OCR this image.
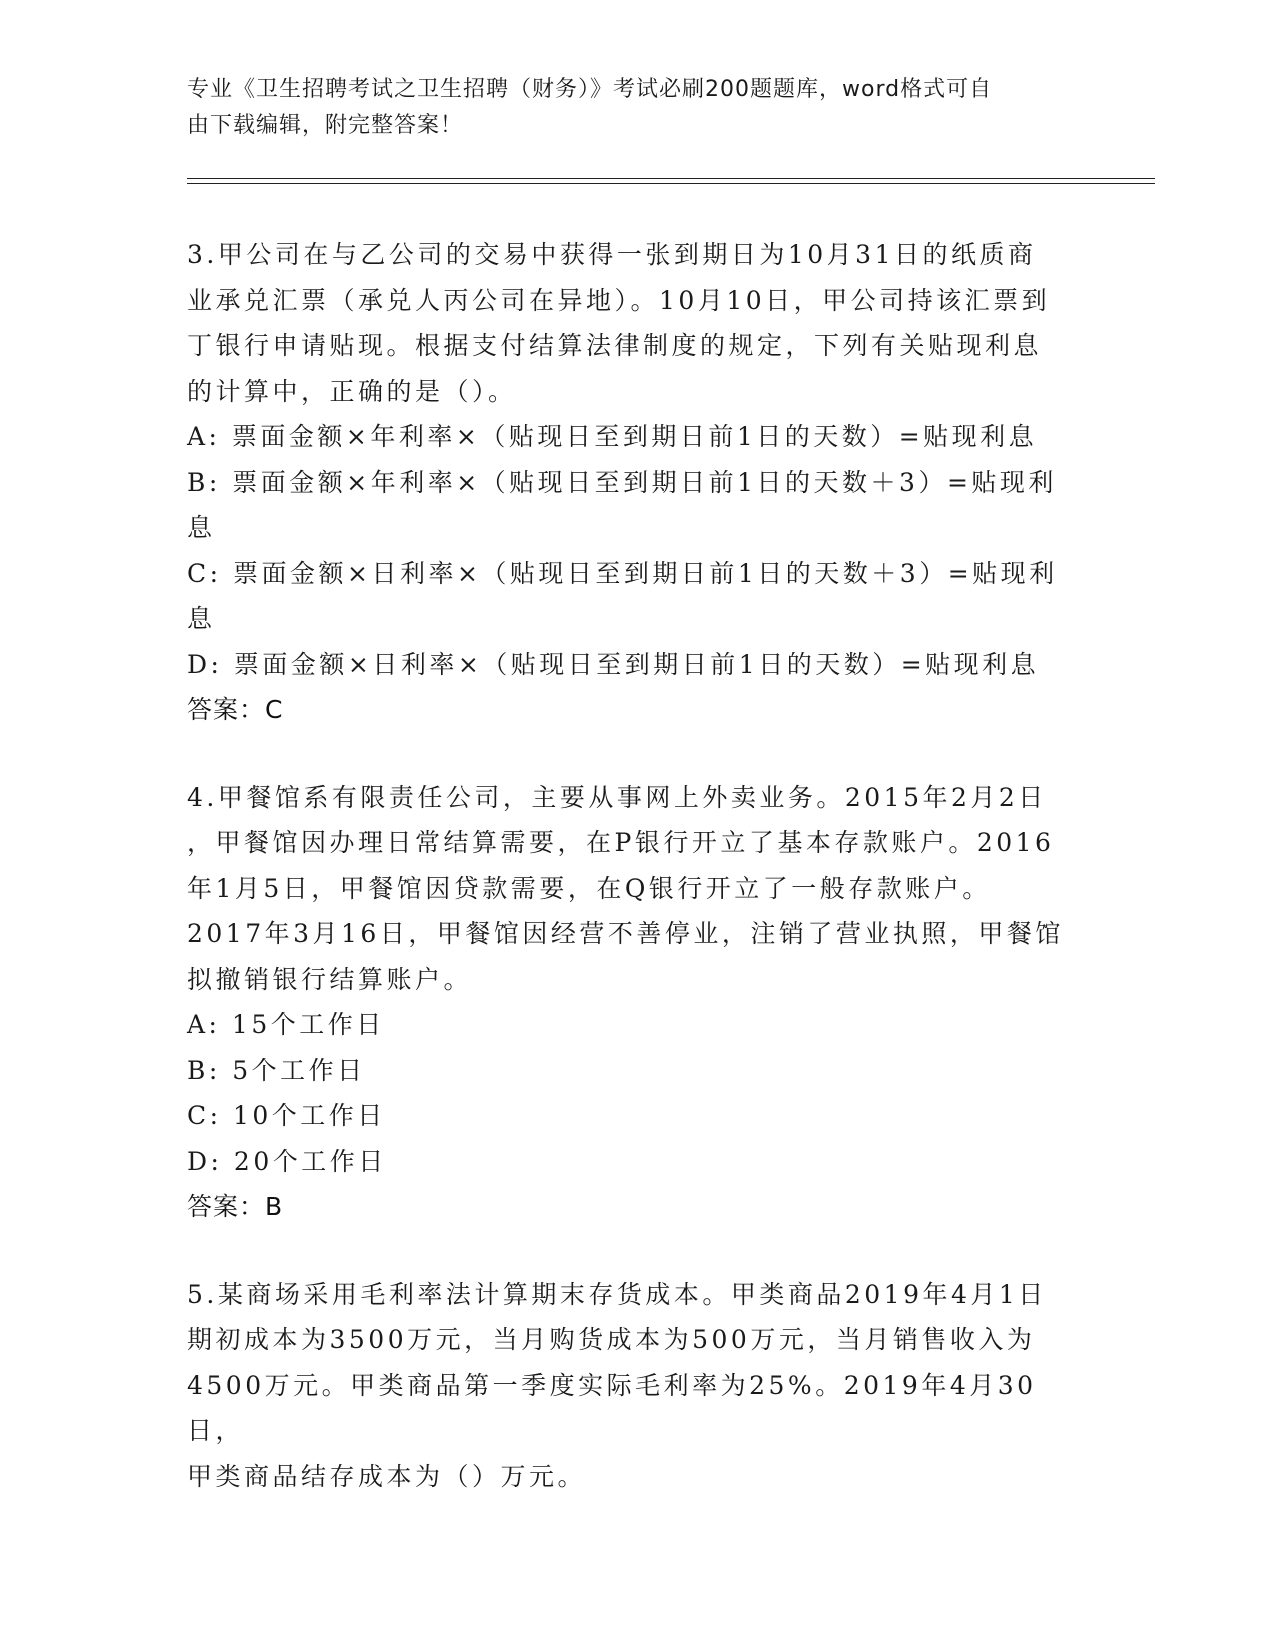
专业《卫生招聘考试之卫生招聘（财务）》考试必刷200题题库，word格式可自
由下载编辑，附完整答案！
3.甲公司在与乙公司的交易中获得一张到期日为10月31日的纸质商
业承兑汇票（承兑人丙公司在异地）。10月10日，甲公司持该汇票到
丁银行申请贴现。根据支付结算法律制度的规定，下列有关贴现利息
的计算中，正确的是（）。
A: 票面金额×年利率×（贴现日至到期日前1日的天数）=贴现利息
B: 票面金额×年利率×（贴现日至到期日前1日的天数＋3）=贴现利
息
C: 票面金额×日利率×（贴现日至到期日前1日的天数＋3）=贴现利
息
D: 票面金额×日利率×（贴现日至到期日前1日的天数）=贴现利息
答案：C
4.甲餐馆系有限责任公司，主要从事网上外卖业务。2015年2月2日
，甲餐馆因办理日常结算需要，在P银行开立了基本存款账户。2016
年1月5日，甲餐馆因贷款需要，在Q银行开立了一般存款账户。
2017年3月16日，甲餐馆因经营不善停业，注销了营业执照，甲餐馆
拟撤销银行结算账户。
A: 15个工作日
B: 5个工作日
C: 10个工作日
D: 20个工作日
答案：B
5.某商场采用毛利率法计算期末存货成本。甲类商品2019年4月1日
期初成本为3500万元，当月购货成本为500万元，当月销售收入为
4500万元。甲类商品第一季度实际毛利率为25%。2019年4月30日，
甲类商品结存成本为（）万元。
